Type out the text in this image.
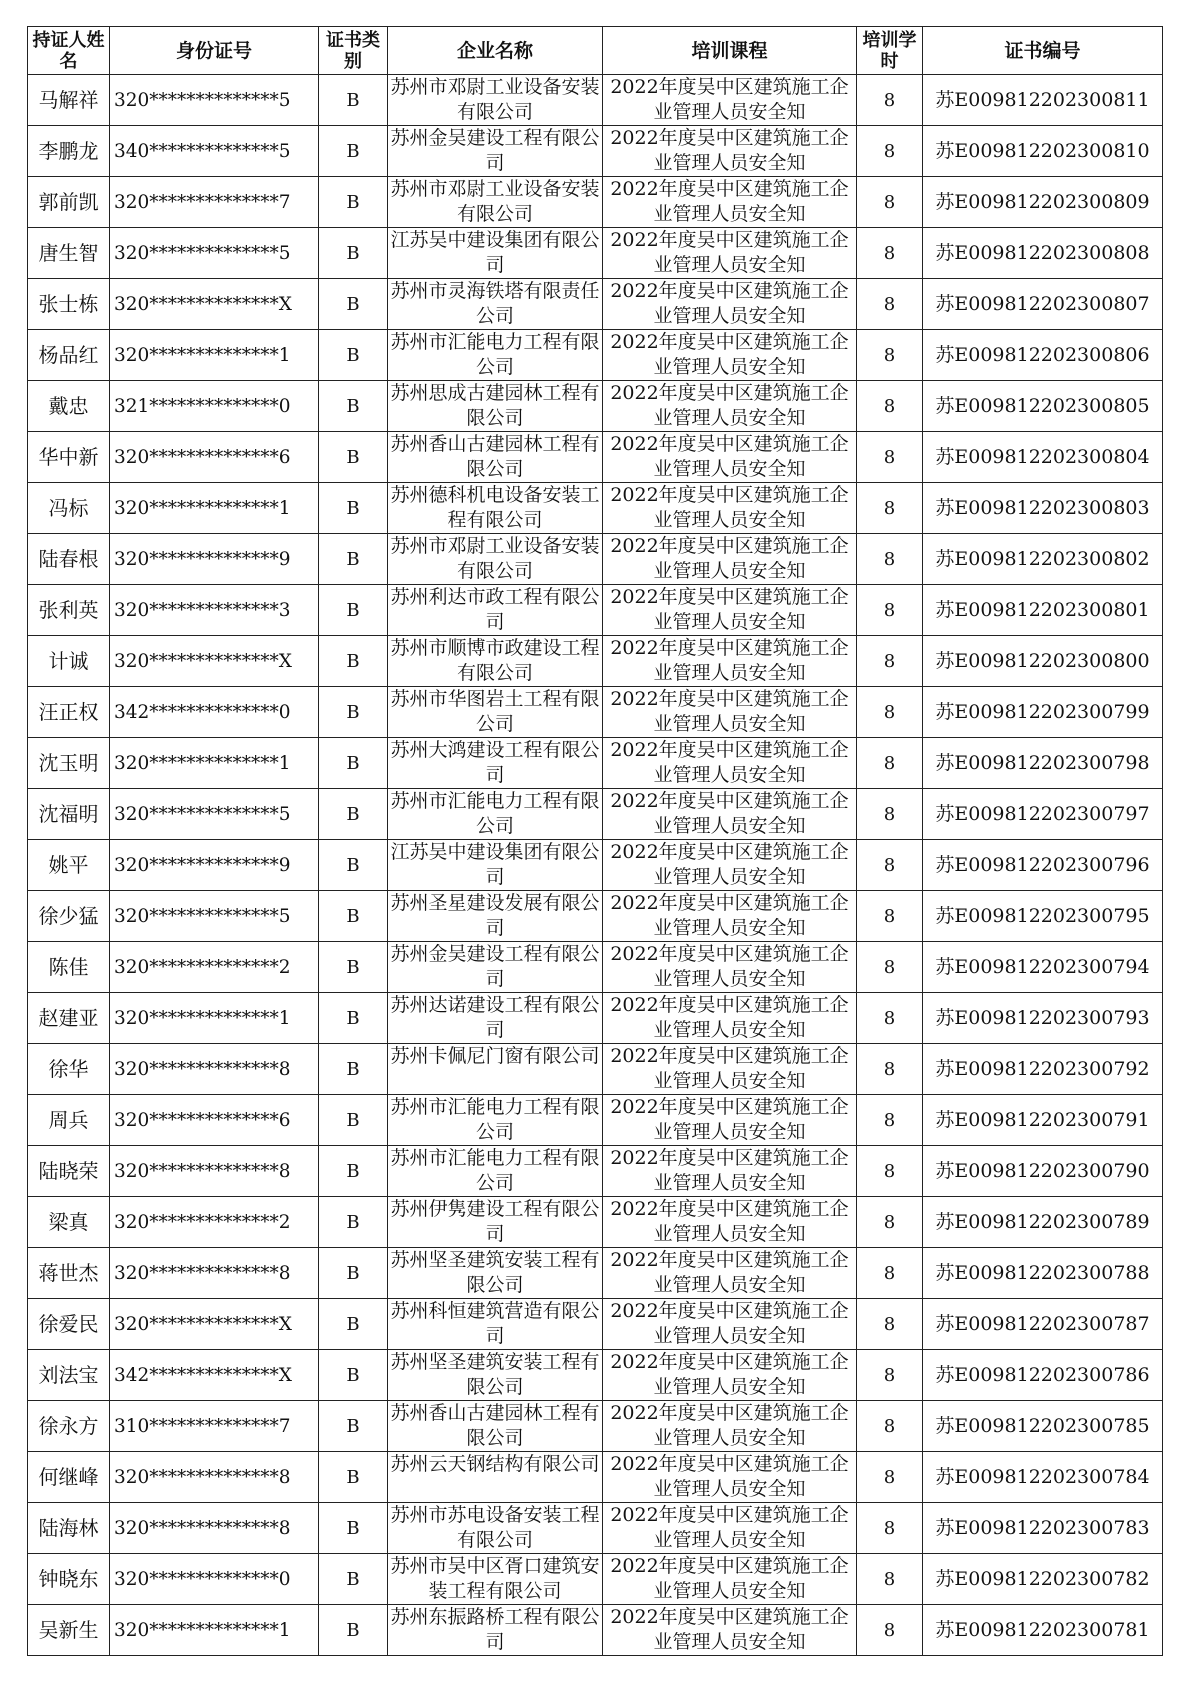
持证人姓名	身份证号	证书类别	企业名称	培训课程	培训学时	证书编号
马解祥	320**************5	B	苏州市邓尉工业设备安装有限公司	2022年度吴中区建筑施工企业管理人员安全知	8	苏E009812202300811
李鹏龙	340**************5	B	苏州金吴建设工程有限公司	2022年度吴中区建筑施工企业管理人员安全知	8	苏E009812202300810
郭前凯	320**************7	B	苏州市邓尉工业设备安装有限公司	2022年度吴中区建筑施工企业管理人员安全知	8	苏E009812202300809
唐生智	320**************5	B	江苏吴中建设集团有限公司	2022年度吴中区建筑施工企业管理人员安全知	8	苏E009812202300808
张士栋	320**************X	B	苏州市灵海铁塔有限责任公司	2022年度吴中区建筑施工企业管理人员安全知	8	苏E009812202300807
杨品红	320**************1	B	苏州市汇能电力工程有限公司	2022年度吴中区建筑施工企业管理人员安全知	8	苏E009812202300806
戴忠	321**************0	B	苏州思成古建园林工程有限公司	2022年度吴中区建筑施工企业管理人员安全知	8	苏E009812202300805
华中新	320**************6	B	苏州香山古建园林工程有限公司	2022年度吴中区建筑施工企业管理人员安全知	8	苏E009812202300804
冯标	320**************1	B	苏州德科机电设备安装工程有限公司	2022年度吴中区建筑施工企业管理人员安全知	8	苏E009812202300803
陆春根	320**************9	B	苏州市邓尉工业设备安装有限公司	2022年度吴中区建筑施工企业管理人员安全知	8	苏E009812202300802
张利英	320**************3	B	苏州利达市政工程有限公司	2022年度吴中区建筑施工企业管理人员安全知	8	苏E009812202300801
计诚	320**************X	B	苏州市顺博市政建设工程有限公司	2022年度吴中区建筑施工企业管理人员安全知	8	苏E009812202300800
汪正权	342**************0	B	苏州市华图岩土工程有限公司	2022年度吴中区建筑施工企业管理人员安全知	8	苏E009812202300799
沈玉明	320**************1	B	苏州大鸿建设工程有限公司	2022年度吴中区建筑施工企业管理人员安全知	8	苏E009812202300798
沈福明	320**************5	B	苏州市汇能电力工程有限公司	2022年度吴中区建筑施工企业管理人员安全知	8	苏E009812202300797
姚平	320**************9	B	江苏吴中建设集团有限公司	2022年度吴中区建筑施工企业管理人员安全知	8	苏E009812202300796
徐少猛	320**************5	B	苏州圣星建设发展有限公司	2022年度吴中区建筑施工企业管理人员安全知	8	苏E009812202300795
陈佳	320**************2	B	苏州金吴建设工程有限公司	2022年度吴中区建筑施工企业管理人员安全知	8	苏E009812202300794
赵建亚	320**************1	B	苏州达诺建设工程有限公司	2022年度吴中区建筑施工企业管理人员安全知	8	苏E009812202300793
徐华	320**************8	B	苏州卡佩尼门窗有限公司	2022年度吴中区建筑施工企业管理人员安全知	8	苏E009812202300792
周兵	320**************6	B	苏州市汇能电力工程有限公司	2022年度吴中区建筑施工企业管理人员安全知	8	苏E009812202300791
陆晓荣	320**************8	B	苏州市汇能电力工程有限公司	2022年度吴中区建筑施工企业管理人员安全知	8	苏E009812202300790
梁真	320**************2	B	苏州伊隽建设工程有限公司	2022年度吴中区建筑施工企业管理人员安全知	8	苏E009812202300789
蒋世杰	320**************8	B	苏州坚圣建筑安装工程有限公司	2022年度吴中区建筑施工企业管理人员安全知	8	苏E009812202300788
徐爱民	320**************X	B	苏州科恒建筑营造有限公司	2022年度吴中区建筑施工企业管理人员安全知	8	苏E009812202300787
刘法宝	342**************X	B	苏州坚圣建筑安装工程有限公司	2022年度吴中区建筑施工企业管理人员安全知	8	苏E009812202300786
徐永方	310**************7	B	苏州香山古建园林工程有限公司	2022年度吴中区建筑施工企业管理人员安全知	8	苏E009812202300785
何继峰	320**************8	B	苏州云天钢结构有限公司	2022年度吴中区建筑施工企业管理人员安全知	8	苏E009812202300784
陆海林	320**************8	B	苏州市苏电设备安装工程有限公司	2022年度吴中区建筑施工企业管理人员安全知	8	苏E009812202300783
钟晓东	320**************0	B	苏州市吴中区胥口建筑安装工程有限公司	2022年度吴中区建筑施工企业管理人员安全知	8	苏E009812202300782
吴新生	320**************1	B	苏州东振路桥工程有限公司	2022年度吴中区建筑施工企业管理人员安全知	8	苏E009812202300781
